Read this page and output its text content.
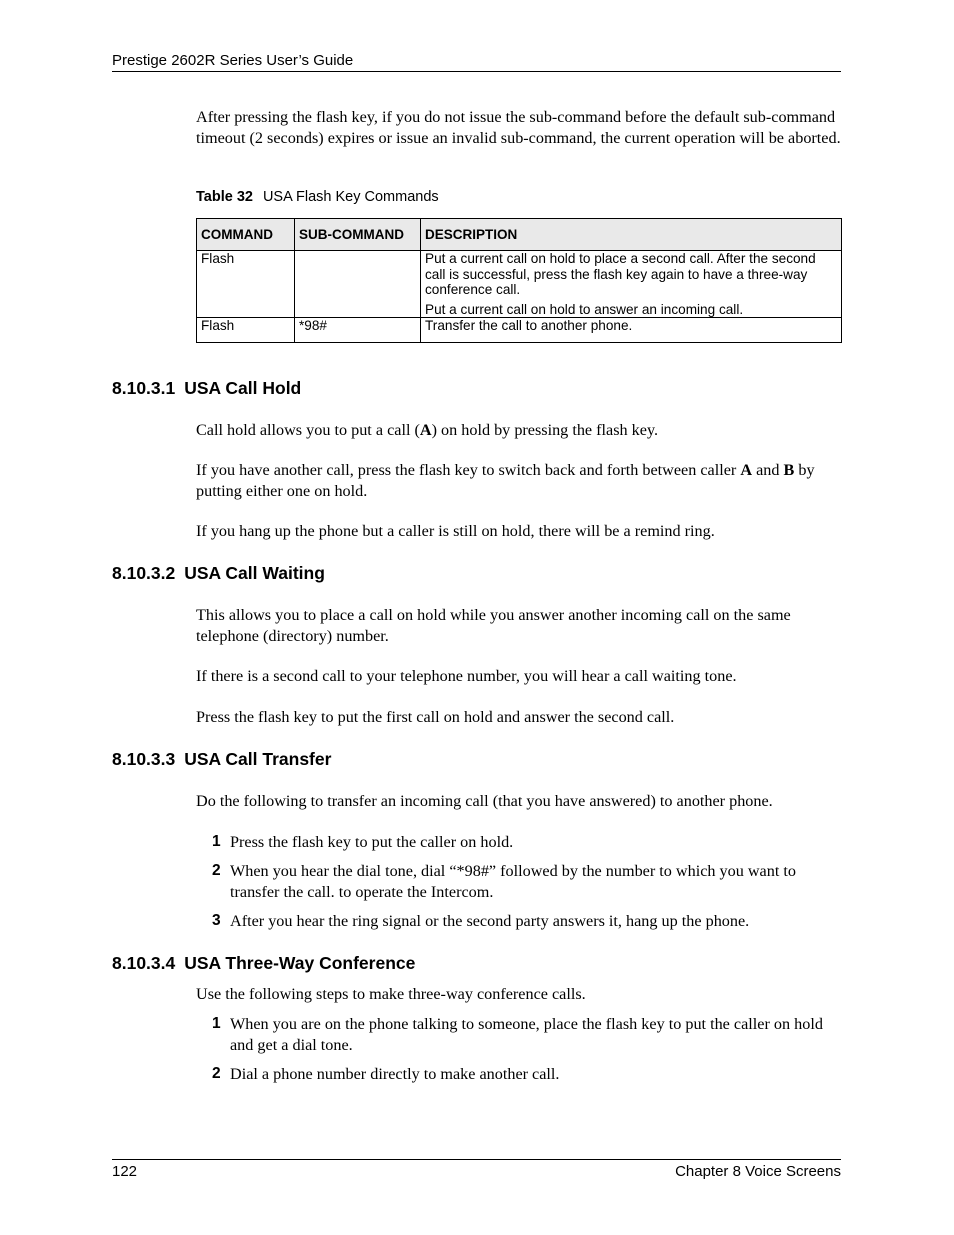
Prestige 2602R Series User’s Guide

After pressing the flash key, if you do not issue the sub-command before the default sub-command timeout (2 seconds) expires or issue an invalid sub-command, the current operation will be aborted.

Table 32 USA Flash Key Commands
COMMAND	SUB-COMMAND	DESCRIPTION
Flash		Put a current call on hold to place a second call. After the second call is successful, press the flash key again to have a three-way conference call.
Put a current call on hold to answer an incoming call.

Flash	*98#	Transfer the call to another phone.
8.10.3.1 USA Call Hold

Call hold allows you to put a call (A) on hold by pressing the flash key.

If you have another call, press the flash key to switch back and forth between caller A and B by putting either one on hold.

If you hang up the phone but a caller is still on hold, there will be a remind ring.

8.10.3.2 USA Call Waiting

This allows you to place a call on hold while you answer another incoming call on the same telephone (directory) number.

If there is a second call to your telephone number, you will hear a call waiting tone.

Press the flash key to put the first call on hold and answer the second call.

8.10.3.3 USA Call Transfer

Do the following to transfer an incoming call (that you have answered) to another phone.

1 Press the flash key to put the caller on hold.
2 When you hear the dial tone, dial “*98#” followed by the number to which you want to transfer the call. to operate the Intercom.
3 After you hear the ring signal or the second party answers it, hang up the phone.
8.10.3.4 USA Three-Way Conference

Use the following steps to make three-way conference calls.

1 When you are on the phone talking to someone, place the flash key to put the caller on hold and get a dial tone.
2 Dial a phone number directly to make another call.
122	Chapter 8 Voice Screens
